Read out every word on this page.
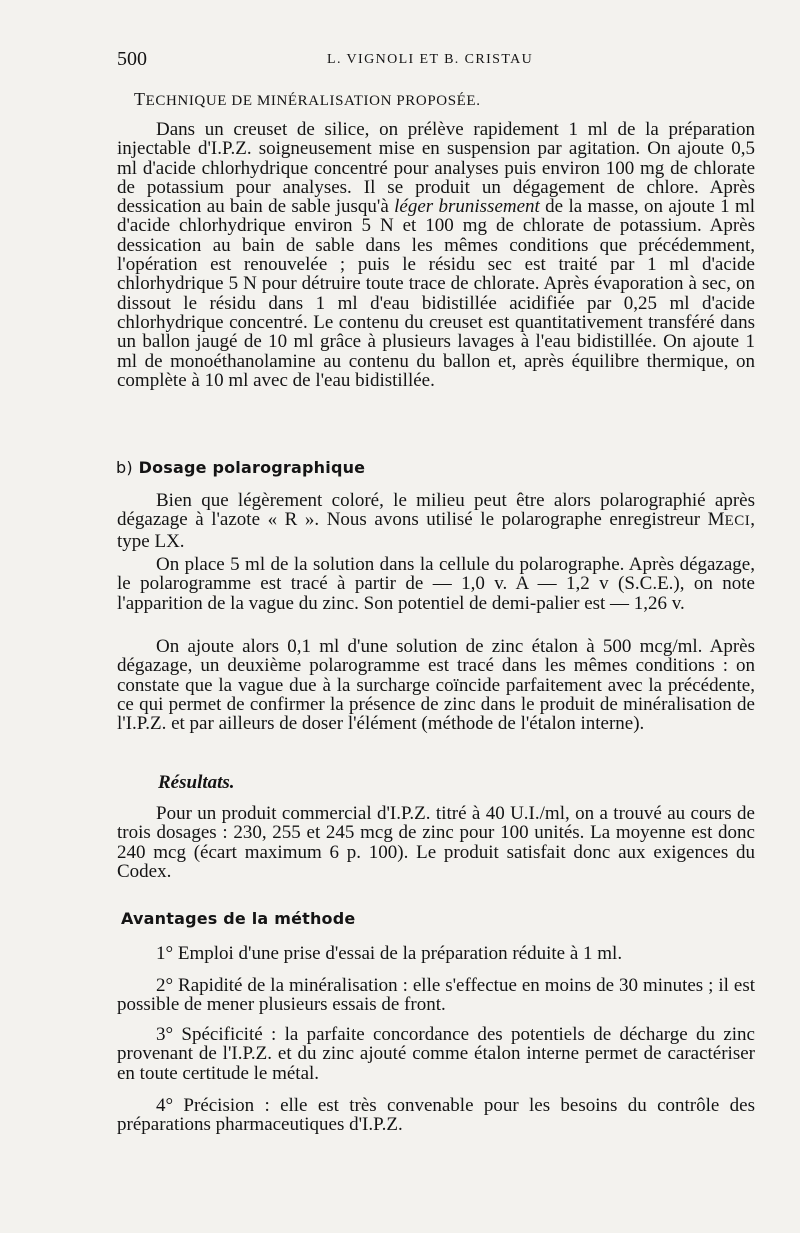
500	L. VIGNOLI ET B. CRISTAU
TECHNIQUE DE MINÉRALISATION PROPOSÉE.

Dans un creuset de silice, on prélève rapidement 1 ml de la préparation injectable d'I.P.Z. soigneusement mise en suspension par agitation. On ajoute 0,5 ml d'acide chlorhydrique concentré pour analyses puis environ 100 mg de chlorate de potassium pour analyses. Il se produit un dégagement de chlore. Après dessication au bain de sable jusqu'à léger brunissement de la masse, on ajoute 1 ml d'acide chlorhydrique environ 5 N et 100 mg de chlorate de potassium. Après dessication au bain de sable dans les mêmes conditions que précédemment, l'opération est renouvelée ; puis le résidu sec est traité par 1 ml d'acide chlorhydrique 5 N pour détruire toute trace de chlorate. Après évaporation à sec, on dissout le résidu dans 1 ml d'eau bidistillée acidifiée par 0,25 ml d'acide chlorhydrique concentré. Le contenu du creuset est quantitativement transféré dans un ballon jaugé de 10 ml grâce à plusieurs lavages à l'eau bidistillée. On ajoute 1 ml de monoéthanolamine au contenu du ballon et, après équilibre thermique, on complète à 10 ml avec de l'eau bidistillée.

b) Dosage polarographique

Bien que légèrement coloré, le milieu peut être alors polarographié après dégazage à l'azote « R ». Nous avons utilisé le polarographe enregistreur MECI, type LX.

On place 5 ml de la solution dans la cellule du polarographe. Après dégazage, le polarogramme est tracé à partir de — 1,0 v. A — 1,2 v (S.C.E.), on note l'apparition de la vague du zinc. Son potentiel de demi-palier est — 1,26 v.

On ajoute alors 0,1 ml d'une solution de zinc étalon à 500 mcg/ml. Après dégazage, un deuxième polarogramme est tracé dans les mêmes conditions : on constate que la vague due à la surcharge coïncide parfaitement avec la précédente, ce qui permet de confirmer la présence de zinc dans le produit de minéralisation de l'I.P.Z. et par ailleurs de doser l'élément (méthode de l'étalon interne).

Résultats.

Pour un produit commercial d'I.P.Z. titré à 40 U.I./ml, on a trouvé au cours de trois dosages : 230, 255 et 245 mcg de zinc pour 100 unités. La moyenne est donc 240 mcg (écart maximum 6 p. 100). Le produit satisfait donc aux exigences du Codex.

Avantages de la méthode

1° Emploi d'une prise d'essai de la préparation réduite à 1 ml.

2° Rapidité de la minéralisation : elle s'effectue en moins de 30 minutes ; il est possible de mener plusieurs essais de front.

3° Spécificité : la parfaite concordance des potentiels de décharge du zinc provenant de l'I.P.Z. et du zinc ajouté comme étalon interne permet de caractériser en toute certitude le métal.

4° Précision : elle est très convenable pour les besoins du contrôle des préparations pharmaceutiques d'I.P.Z.
